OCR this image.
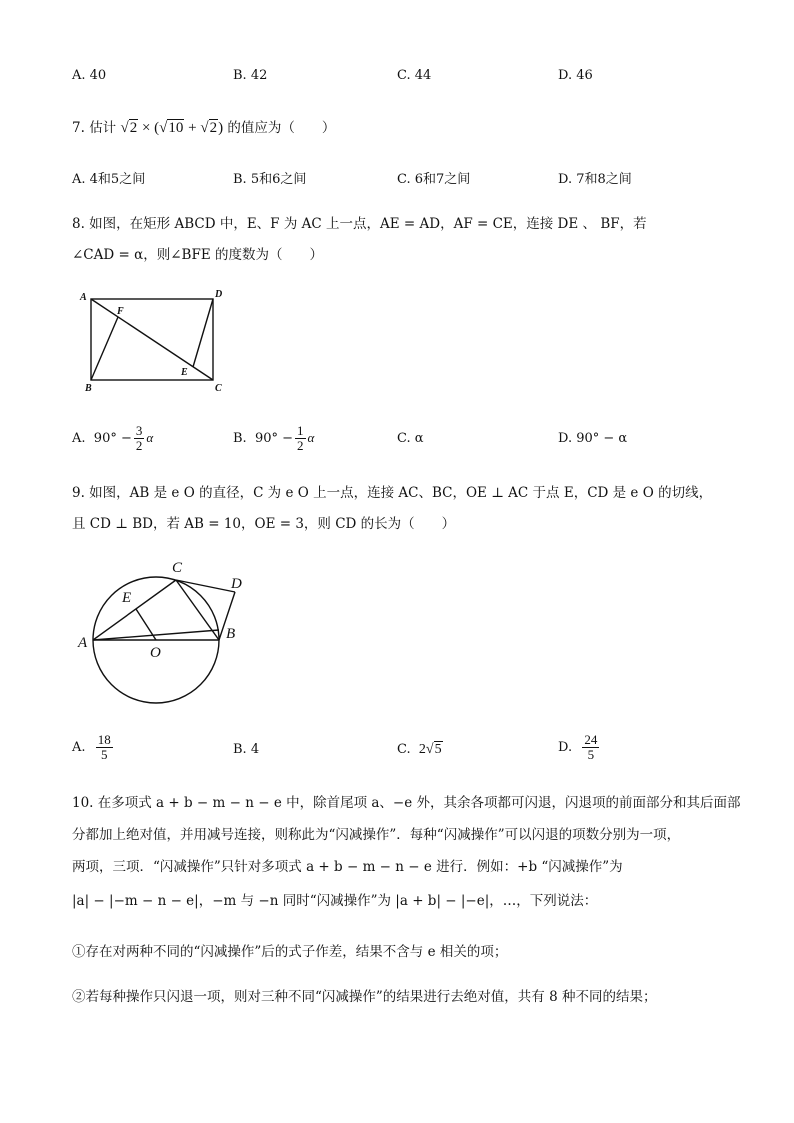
A. 40	B. 42	C. 44	D. 46
7. 估计 √2 × (√10 + √2) 的值应为（　　）
A. 4和5之间	B. 5和6之间	C. 6和7之间	D. 7和8之间
8. 如图，在矩形 ABCD 中，E、F 为 AC 上一点，AE = AD，AF = CE，连接 DE 、 BF，若
∠CAD = α，则∠BFE 的度数为（　　）
A	D
B	C
F
E
A. $90^\circ - \frac{3}{2}$ α	B. $90^\circ - \frac{1}{2}$ α	C. α	D. 90° − α
9. 如图，AB 是 e O 的直径，C 为 e O 上一点，连接 AC、BC，OE ⊥ AC 于点 E，CD 是 e O 的切线，
且 CD ⊥ BD，若 AB = 10，OE = 3，则 CD 的长为（　　）
A
B
C
D
E
O
A. $\frac{18}{5}$	B. 4	C. 2√5	D. $\frac{24}{5}$
10. 在多项式 a + b − m − n − e 中，除首尾项 a、−e 外，其余各项都可闪退，闪退项的前面部分和其后面部
分都加上绝对值，并用减号连接，则称此为“闪减操作”．每种“闪减操作”可以闪退的项数分别为一项，
两项，三项．“闪减操作”只针对多项式 a + b − m − n − e 进行．例如：+b “闪减操作”为
|a| − |−m − n − e|，−m 与 −n 同时“闪减操作”为 |a + b| − |−e|，…，下列说法：
①存在对两种不同的“闪减操作”后的式子作差，结果不含与 e 相关的项；
②若每种操作只闪退一项，则对三种不同“闪减操作”的结果进行去绝对值，共有 8 种不同的结果；
